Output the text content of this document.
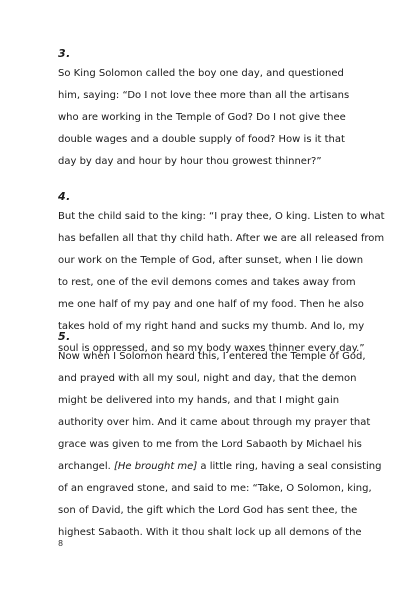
3.
So King Solomon called the boy one day, and questioned
him, saying: “Do I not love thee more than all the artisans
who are working in the Temple of God? Do I not give thee
double wages and a double supply of food? How is it that
day by day and hour by hour thou growest thinner?”
4.
But the child said to the king: “I pray thee, O king. Listen to what
has befallen all that thy child hath. After we are all released from
our work on the Temple of God, after sunset, when I lie down
to rest, one of the evil demons comes and takes away from
me one half of my pay and one half of my food. Then he also
takes hold of my right hand and sucks my thumb. And lo, my
soul is oppressed, and so my body waxes thinner every day.”
5.
Now when I Solomon heard this, I entered the Temple of God,
and prayed with all my soul, night and day, that the demon
might be delivered into my hands, and that I might gain
authority over him. And it came about through my prayer that
grace was given to me from the Lord Sabaoth by Michael his
archangel. [He brought me] a little ring, having a seal consisting
of an engraved stone, and said to me: “Take, O Solomon, king,
son of David, the gift which the Lord God has sent thee, the
highest Sabaoth. With it thou shalt lock up all demons of the
8
